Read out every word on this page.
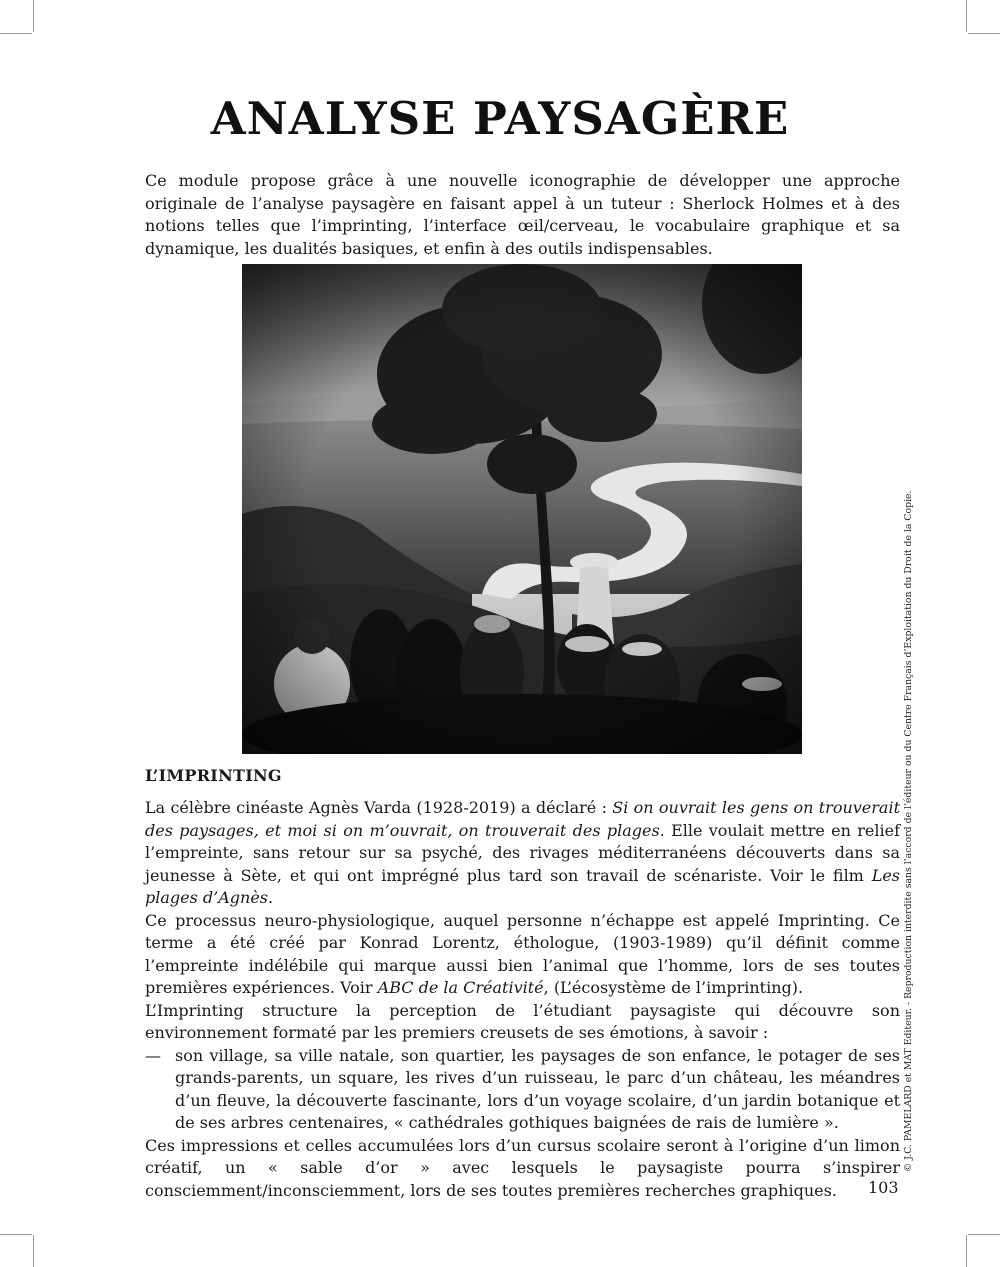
ANALYSE PAYSAGÈRE

Ce module propose grâce à une nouvelle iconographie de développer une approche originale de l’analyse paysagère en faisant appel à un tuteur : Sherlock Holmes et à des notions telles que l’imprinting, l’interface œil/cerveau, le vocabulaire graphique et sa dynamique, les dualités basiques, et enfin à des outils indispensables.

L’IMPRINTING
La célèbre cinéaste Agnès Varda (1928-2019) a déclaré : Si on ouvrait les gens on trouverait des paysages, et moi si on m’ouvrait, on trouverait des plages. Elle voulait mettre en relief l’empreinte, sans retour sur sa psyché, des rivages méditerranéens découverts dans sa jeunesse à Sète, et qui ont imprégné plus tard son travail de scénariste. Voir le film Les plages d’Agnès.
Ce processus neuro-physiologique, auquel personne n’échappe est appelé Imprinting. Ce terme a été créé par Konrad Lorentz, éthologue, (1903-1989) qu’il définit comme l’empreinte indélébile qui marque aussi bien l’animal que l’homme, lors de ses toutes premières expériences. Voir ABC de la Créativité, (L’écosystème de l’imprinting).
L’Imprinting structure la perception de l’étudiant paysagiste qui découvre son environnement formaté par les premiers creusets de ses émotions, à savoir :
— son village, sa ville natale, son quartier, les paysages de son enfance, le potager de ses grands-parents, un square, les rives d’un ruisseau, le parc d’un château, les méandres d’un fleuve, la découverte fascinante, lors d’un voyage scolaire, d’un jardin botanique et de ses arbres centenaires, « cathédrales gothiques baignées de rais de lumière ».
Ces impressions et celles accumulées lors d’un cursus scolaire seront à l’origine d’un limon créatif, un « sable d’or » avec lesquels le paysagiste pourra s’inspirer consciemment/inconsciemment, lors de ses toutes premières recherches graphiques.	103
© J.C. PAMELARD et MAT Editeur. - Reproduction interdite sans l’accord de l’éditeur ou du Centre Français d’Exploitation du Droit de la Copie.
